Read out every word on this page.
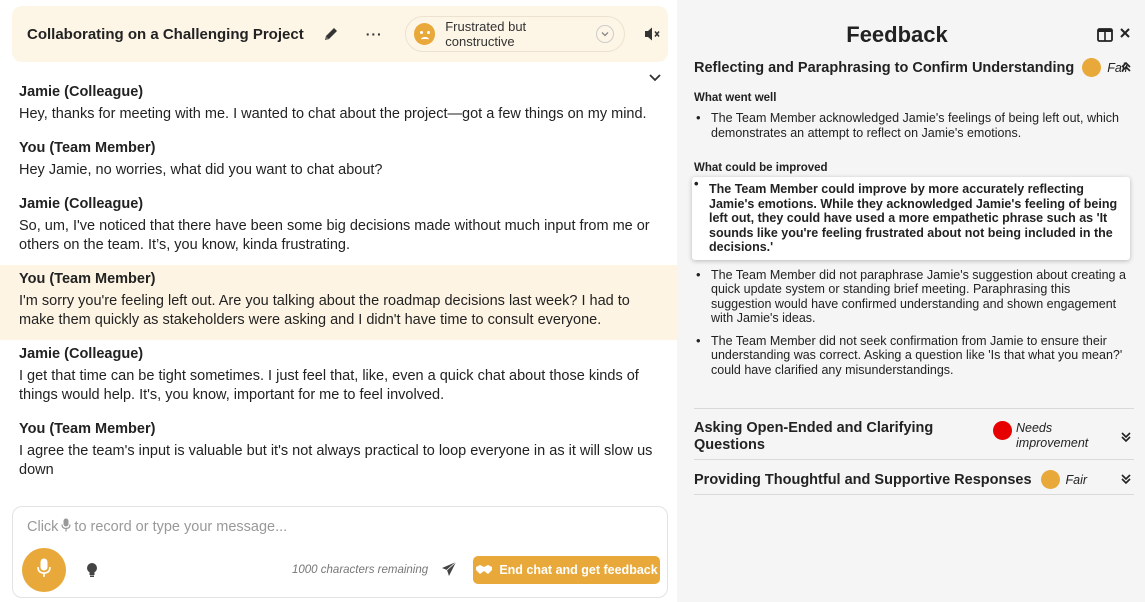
Collaborating on a Challenging Project	···	Frustrated but constructive
Jamie (Colleague)
Hey, thanks for meeting with me. I wanted to chat about the project—got a few things on my mind.
You (Team Member)
Hey Jamie, no worries, what did you want to chat about?
Jamie (Colleague)
So, um, I've noticed that there have been some big decisions made without much input from me or others on the team. It’s, you know, kinda frustrating.
You (Team Member)
I'm sorry you're feeling left out. Are you talking about the roadmap decisions last week? I had to make them quickly as stakeholders were asking and I didn't have time to consult everyone.
Jamie (Colleague)
I get that time can be tight sometimes. I just feel that, like, even a quick chat about those kinds of things would help. It's, you know, important for me to feel involved.
You (Team Member)
I agree the team's input is valuable but it's not always practical to loop everyone in as it will slow us down
Click to record or type your message...
1000 characters remaining	End chat and get feedback
Feedback
Reflecting and Paraphrasing to Confirm Understanding	Fair
What went well
• The Team Member acknowledged Jamie's feelings of being left out, which demonstrates an attempt to reflect on Jamie's emotions.
What could be improved
• The Team Member could improve by more accurately reflecting Jamie's emotions. While they acknowledged Jamie's feeling of being left out, they could have used a more empathetic phrase such as 'It sounds like you're feeling frustrated about not being included in the decisions.'
• The Team Member did not paraphrase Jamie's suggestion about creating a quick update system or standing brief meeting. Paraphrasing this suggestion would have confirmed understanding and shown engagement with Jamie's ideas.
• The Team Member did not seek confirmation from Jamie to ensure their understanding was correct. Asking a question like 'Is that what you mean?' could have clarified any misunderstandings.
Asking Open-Ended and Clarifying Questions
Needs improvement
Providing Thoughtful and Supportive Responses	Fair
